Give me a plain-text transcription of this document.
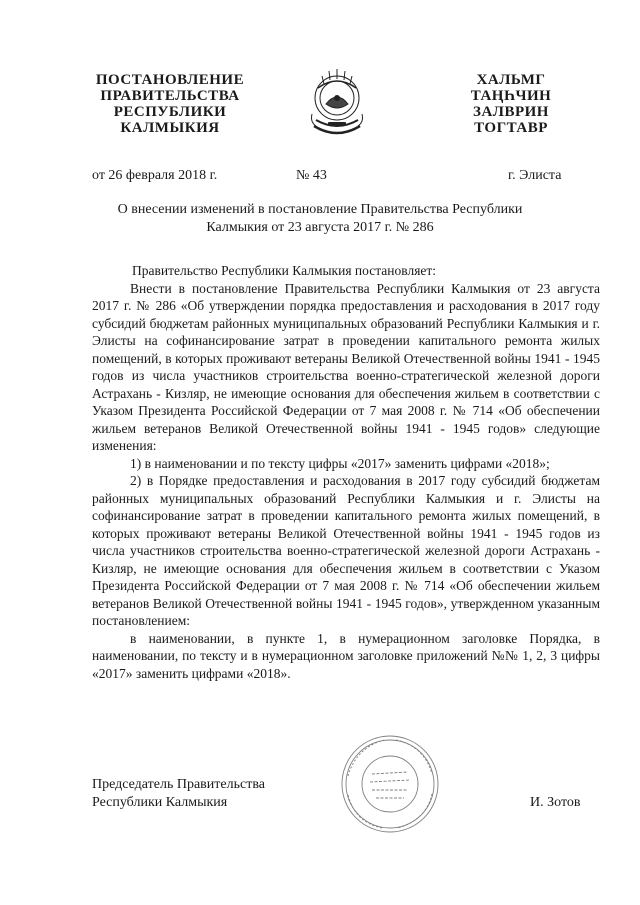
ПОСТАНОВЛЕНИЕ
ПРАВИТЕЛЬСТВА
РЕСПУБЛИКИ
КАЛМЫКИЯ
ХАЛЬМГ
ТАҢҺЧИН
ЗАЛВРИН
ТОГТАВР
от 26 февраля 2018 г.	№ 43	г. Элиста
О внесении изменений в постановление Правительства Республики
Калмыкия от 23 августа 2017 г. № 286

Правительство Республики Калмыкия постановляет:

Внести в постановление Правительства Республики Калмыкия от 23 августа 2017 г. № 286 «Об утверждении порядка предоставления и расходования в 2017 году субсидий бюджетам районных муниципальных образований Республики Калмыкия и г. Элисты на софинансирование затрат в проведении капитального ремонта жилых помещений, в которых проживают ветераны Великой Отечественной войны 1941 - 1945 годов из числа участников строительства военно-стратегической железной дороги Астрахань - Кизляр, не имеющие основания для обеспечения жильем в соответствии с Указом Президента Российской Федерации от 7 мая 2008 г. № 714 «Об обеспечении жильем ветеранов Великой Отечественной войны 1941 - 1945 годов» следующие изменения:

1) в наименовании и по тексту цифры «2017» заменить цифрами «2018»;

2) в Порядке предоставления и расходования в 2017 году субсидий бюджетам районных муниципальных образований Республики Калмыкия и г. Элисты на софинансирование затрат в проведении капитального ремонта жилых помещений, в которых проживают ветераны Великой Отечественной войны 1941 - 1945 годов из числа участников строительства военно-стратегической железной дороги Астрахань - Кизляр, не имеющие основания для обеспечения жильем в соответствии с Указом Президента Российской Федерации от 7 мая 2008 г. № 714 «Об обеспечении жильем ветеранов Великой Отечественной войны 1941 - 1945 годов», утвержденном указанным постановлением:

в наименовании, в пункте 1, в нумерационном заголовке Порядка, в наименовании, по тексту и в нумерационном заголовке приложений №№ 1, 2, 3 цифры «2017» заменить цифрами «2018».

Председатель Правительства
Республики Калмыкия	И. Зотов
